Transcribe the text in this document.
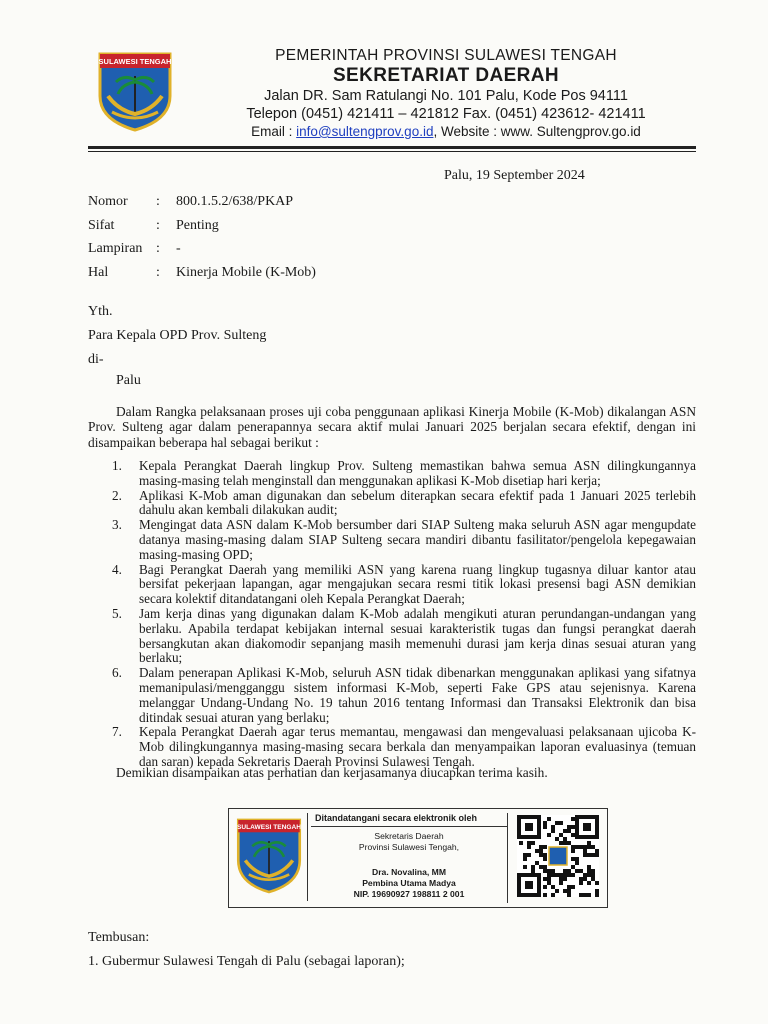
SULAWESI TENGAH	PEMERINTAH PROVINSI SULAWESI TENGAH
SEKRETARIAT DAERAH
Jalan DR. Sam Ratulangi No. 101 Palu, Kode Pos 94111
Telepon (0451) 421411 – 421812 Fax. (0451) 423612- 421411
Email : info@sultengprov.go.id, Website : www. Sultengprov.go.id
Palu, 19 September 2024
Nomor	:	800.1.5.2/638/PKAP
Sifat	:	Penting
Lampiran :	-
Hal	:	Kinerja Mobile (K-Mob)
Yth.
Para Kepala OPD Prov. Sulteng
di-
Palu
Dalam Rangka pelaksanaan proses uji coba penggunaan aplikasi Kinerja Mobile (K-Mob) dikalangan ASN Prov. Sulteng agar dalam penerapannya secara aktif mulai Januari 2025 berjalan secara efektif, dengan ini disampaikan beberapa hal sebagai berikut :
1.	Kepala Perangkat Daerah lingkup Prov. Sulteng memastikan bahwa semua ASN dilingkungannya masing-masing telah menginstall dan menggunakan aplikasi K-Mob disetiap hari kerja;
2.	Aplikasi K-Mob aman digunakan dan sebelum diterapkan secara efektif pada 1 Januari 2025 terlebih dahulu akan kembali dilakukan audit;
3.	Mengingat data ASN dalam K-Mob bersumber dari SIAP Sulteng maka seluruh ASN agar mengupdate datanya masing-masing dalam SIAP Sulteng secara mandiri dibantu fasilitator/pengelola kepegawaian masing-masing OPD;
4.	Bagi Perangkat Daerah yang memiliki ASN yang karena ruang lingkup tugasnya diluar kantor atau bersifat pekerjaan lapangan, agar mengajukan secara resmi titik lokasi presensi bagi ASN demikian secara kolektif ditandatangani oleh Kepala Perangkat Daerah;
5.	Jam kerja dinas yang digunakan dalam K-Mob adalah mengikuti aturan perundangan-undangan yang berlaku. Apabila terdapat kebijakan internal sesuai karakteristik tugas dan fungsi perangkat daerah bersangkutan akan diakomodir sepanjang masih memenuhi durasi jam kerja dinas sesuai aturan yang berlaku;
6.	Dalam penerapan Aplikasi K-Mob, seluruh ASN tidak dibenarkan menggunakan aplikasi yang sifatnya memanipulasi/mengganggu sistem informasi K-Mob, seperti Fake GPS atau sejenisnya. Karena melanggar Undang-Undang No. 19 tahun 2016 tentang Informasi dan Transaksi Elektronik dan bisa ditindak sesuai aturan yang berlaku;
7.	Kepala Perangkat Daerah agar terus memantau, mengawasi dan mengevaluasi pelaksanaan ujicoba K-Mob dilingkungannya masing-masing secara berkala dan menyampaikan laporan evaluasinya (temuan dan saran) kepada Sekretaris Daerah Provinsi Sulawesi Tengah.
Demikian disampaikan atas perhatian dan kerjasamanya diucapkan terima kasih.
SULAWESI TENGAH
Ditandatangani secara elektronik oleh
Sekretaris Daerah
Provinsi Sulawesi Tengah,
Dra. Novalina, MM
Pembina Utama Madya
NIP. 19690927 198811 2 001
Tembusan:
1. Gubermur Sulawesi Tengah di Palu (sebagai laporan);
